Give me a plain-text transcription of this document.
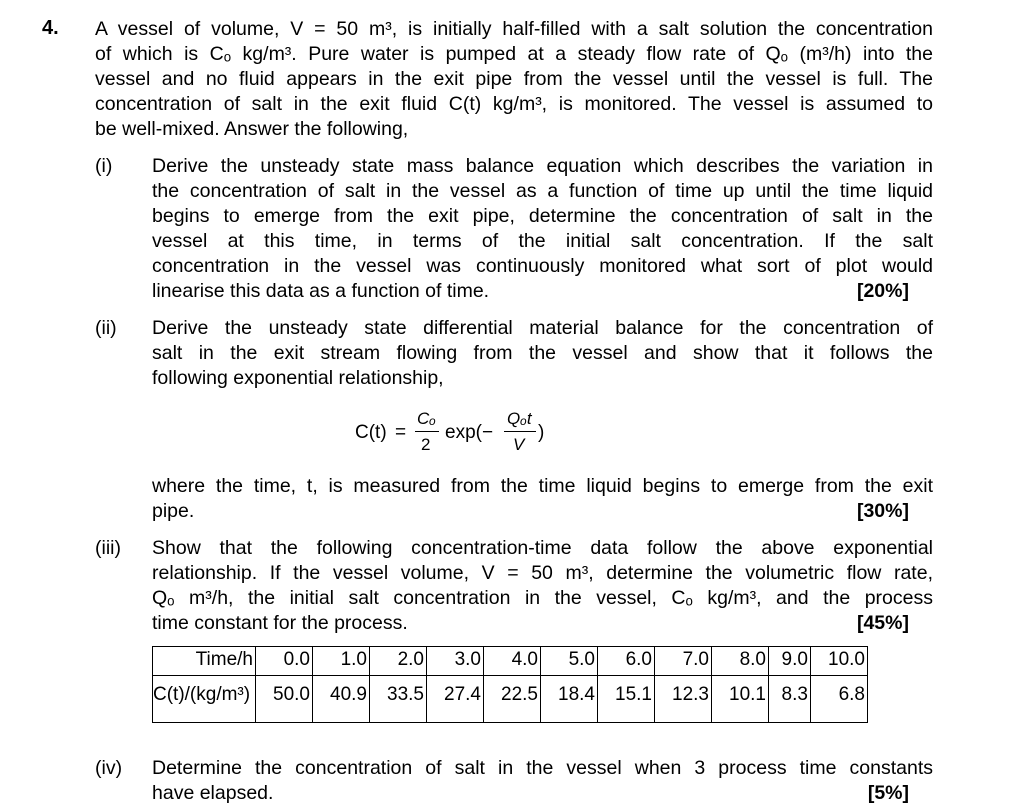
4. A vessel of volume, V = 50 m³, is initially half-filled with a salt solution the concentration
of which is Cₒ kg/m³. Pure water is pumped at a steady flow rate of Qₒ (m³/h) into the
vessel and no fluid appears in the exit pipe from the vessel until the vessel is full. The
concentration of salt in the exit fluid C(t) kg/m³, is monitored. The vessel is assumed to
be well-mixed. Answer the following,
(i) Derive the unsteady state mass balance equation which describes the variation in
the concentration of salt in the vessel as a function of time up until the time liquid
begins to emerge from the exit pipe, determine the concentration of salt in the
vessel at this time, in terms of the initial salt concentration. If the salt
concentration in the vessel was continuously monitored what sort of plot would
linearise this data as a function of time.	[20%]
(ii) Derive the unsteady state differential material balance for the concentration of
salt in the exit stream flowing from the vessel and show that it follows the
following exponential relationship,
C(t) =
Cₒ
2
exp(−
Qₒt
V
)
where the time, t, is measured from the time liquid begins to emerge from the exit
pipe.	[30%]
(iii) Show that the following concentration-time data follow the above exponential
relationship. If the vessel volume, V = 50 m³, determine the volumetric flow rate,
Qₒ m³/h, the initial salt concentration in the vessel, Cₒ kg/m³, and the process
time constant for the process.	[45%]
Time/h	0.0	1.0	2.0	3.0	4.0	5.0	6.0	7.0	8.0	9.0	10.0
C(t)/(kg/m³)	50.0	40.9	33.5	27.4	22.5	18.4	15.1	12.3	10.1	8.3	6.8
(iv) Determine the concentration of salt in the vessel when 3 process time constants
have elapsed.	[5%]
